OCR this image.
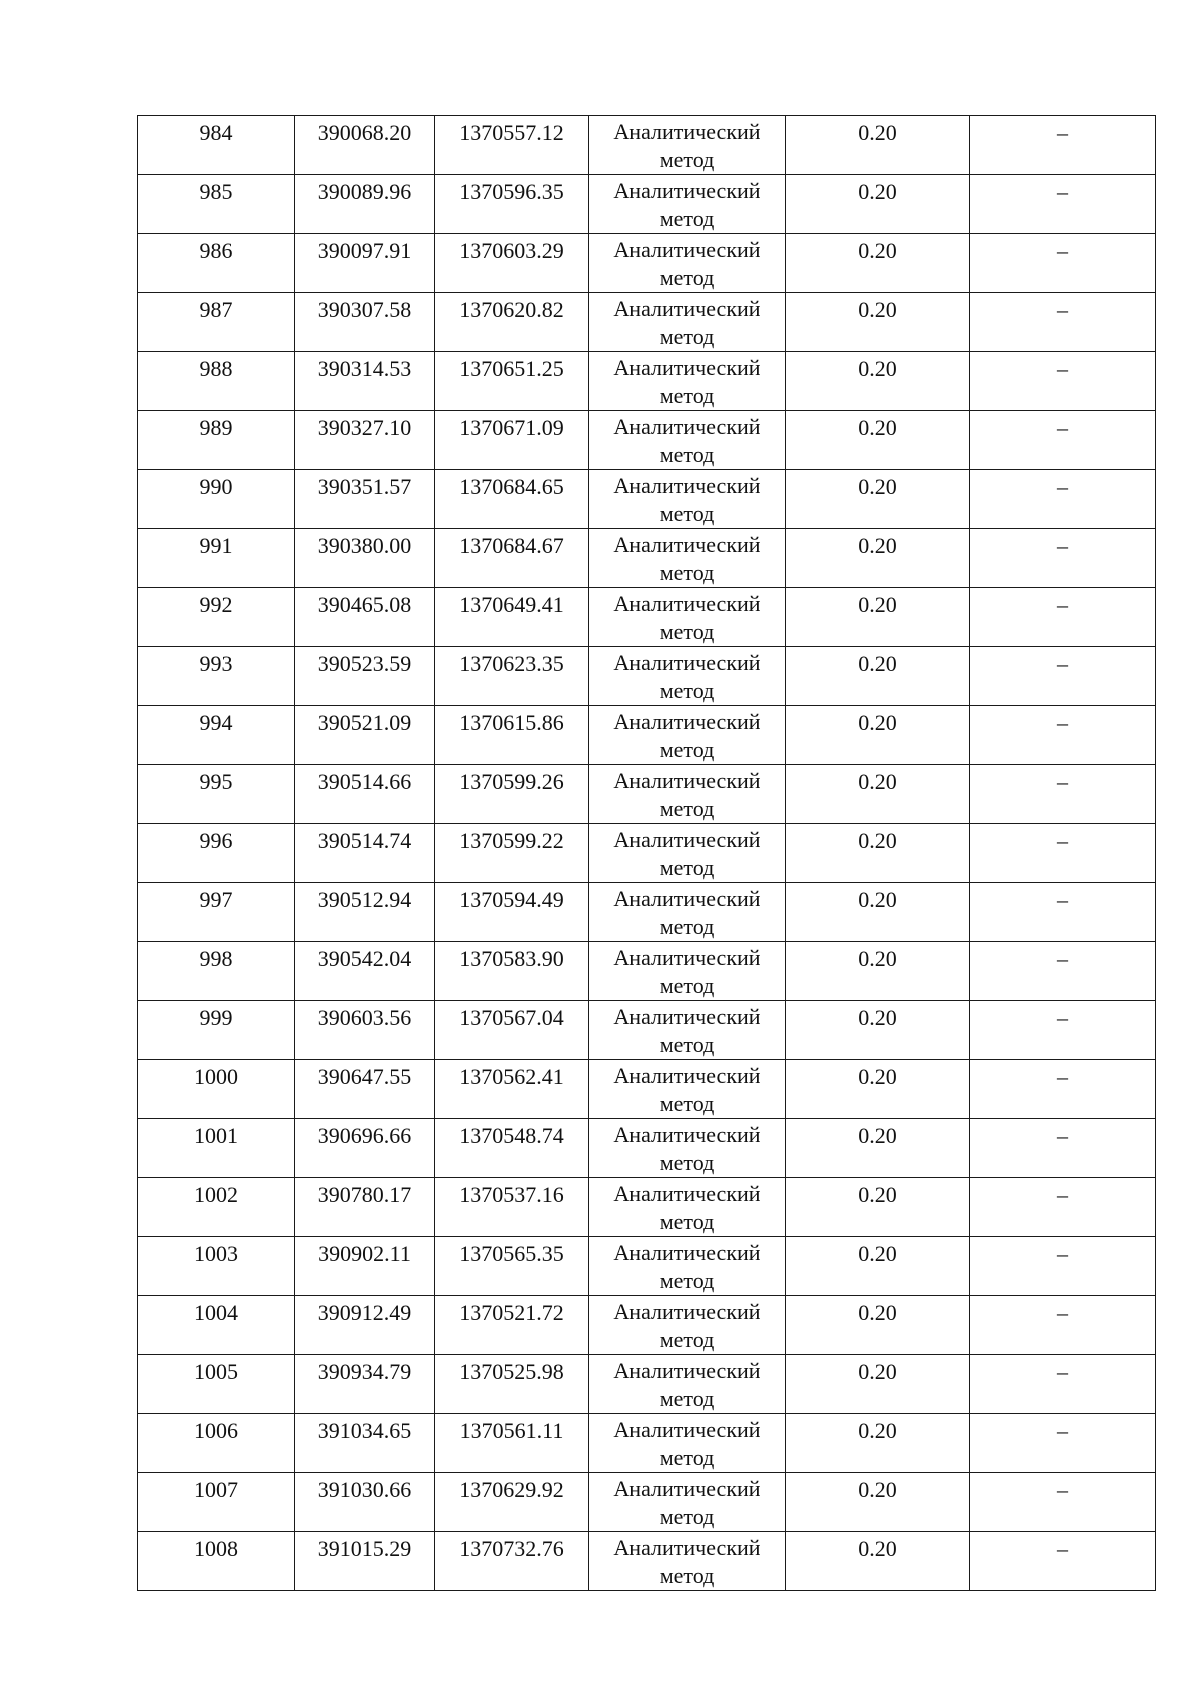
984	390068.20	1370557.12	Аналитический метод	0.20	–

985	390089.96	1370596.35	Аналитический метод	0.20	–

986	390097.91	1370603.29	Аналитический метод	0.20	–

987	390307.58	1370620.82	Аналитический метод	0.20	–

988	390314.53	1370651.25	Аналитический метод	0.20	–

989	390327.10	1370671.09	Аналитический метод	0.20	–

990	390351.57	1370684.65	Аналитический метод	0.20	–

991	390380.00	1370684.67	Аналитический метод	0.20	–

992	390465.08	1370649.41	Аналитический метод	0.20	–

993	390523.59	1370623.35	Аналитический метод	0.20	–

994	390521.09	1370615.86	Аналитический метод	0.20	–

995	390514.66	1370599.26	Аналитический метод	0.20	–

996	390514.74	1370599.22	Аналитический метод	0.20	–

997	390512.94	1370594.49	Аналитический метод	0.20	–

998	390542.04	1370583.90	Аналитический метод	0.20	–

999	390603.56	1370567.04	Аналитический метод	0.20	–

1000	390647.55	1370562.41	Аналитический метод	0.20	–

1001	390696.66	1370548.74	Аналитический метод	0.20	–

1002	390780.17	1370537.16	Аналитический метод	0.20	–

1003	390902.11	1370565.35	Аналитический метод	0.20	–

1004	390912.49	1370521.72	Аналитический метод	0.20	–

1005	390934.79	1370525.98	Аналитический метод	0.20	–

1006	391034.65	1370561.11	Аналитический метод	0.20	–

1007	391030.66	1370629.92	Аналитический метод	0.20	–

1008	391015.29	1370732.76	Аналитический метод	0.20	–
